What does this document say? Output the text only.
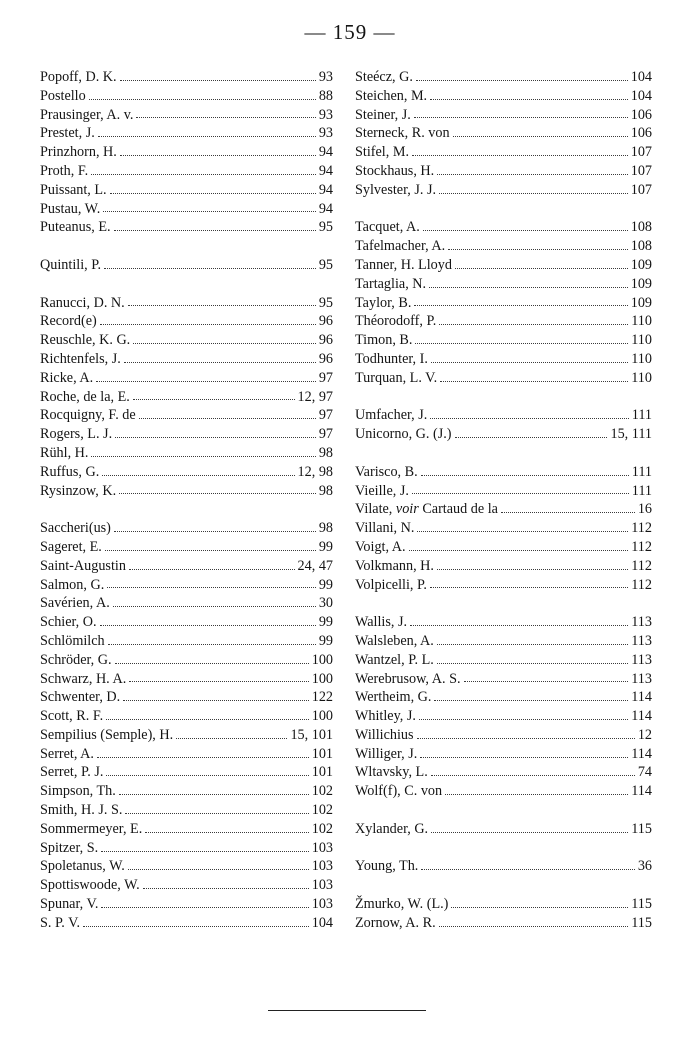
— 159 —
Popoff, D. K.	93
Postello	88
Prausinger, A. v.	93
Prestet, J.	93
Prinzhorn, H.	94
Proth, F.	94
Puissant, L.	94
Pustau, W.	94
Puteanus, E.	95
Quintili, P.	95
Ranucci, D. N.	95
Record(e)	96
Reuschle, K. G.	96
Richtenfels, J.	96
Ricke, A.	97
Roche, de la, E.	12, 97
Rocquigny, F. de	97
Rogers, L. J.	97
Rühl, H.	98
Ruffus, G.	12, 98
Rysinzow, K.	98
Saccheri(us)	98
Sageret, E.	99
Saint-Augustin	24, 47
Salmon, G.	99
Savérien, A.	30
Schier, O.	99
Schlömilch	99
Schröder, G.	100
Schwarz, H. A.	100
Schwenter, D.	122
Scott, R. F.	100
Sempilius (Semple), H.	15, 101
Serret, A.	101
Serret, P. J.	101
Simpson, Th.	102
Smith, H. J. S.	102
Sommermeyer, E.	102
Spitzer, S.	103
Spoletanus, W.	103
Spottiswoode, W.	103
Spunar, V.	103
S. P. V.	104
Steécz, G.	104
Steichen, M.	104
Steiner, J.	106
Sterneck, R. von	106
Stifel, M.	107
Stockhaus, H.	107
Sylvester, J. J.	107
Tacquet, A.	108
Tafelmacher, A.	108
Tanner, H. Lloyd	109
Tartaglia, N.	109
Taylor, B.	109
Théorodoff, P.	110
Timon, B.	110
Todhunter, I.	110
Turquan, L. V.	110
Umfacher, J.	111
Unicorno, G. (J.)	15, 111
Varisco, B.	111
Vieille, J.	111
Vilate, voir Cartaud de la	16
Villani, N.	112
Voigt, A.	112
Volkmann, H.	112
Volpicelli, P.	112
Wallis, J.	113
Walsleben, A.	113
Wantzel, P. L.	113
Werebrusow, A. S.	113
Wertheim, G.	114
Whitley, J.	114
Willichius	12
Williger, J.	114
Wltavsky, L.	74
Wolf(f), C. von	114
Xylander, G.	115
Young, Th.	36
Žmurko, W. (L.)	115
Zornow, A. R.	115
